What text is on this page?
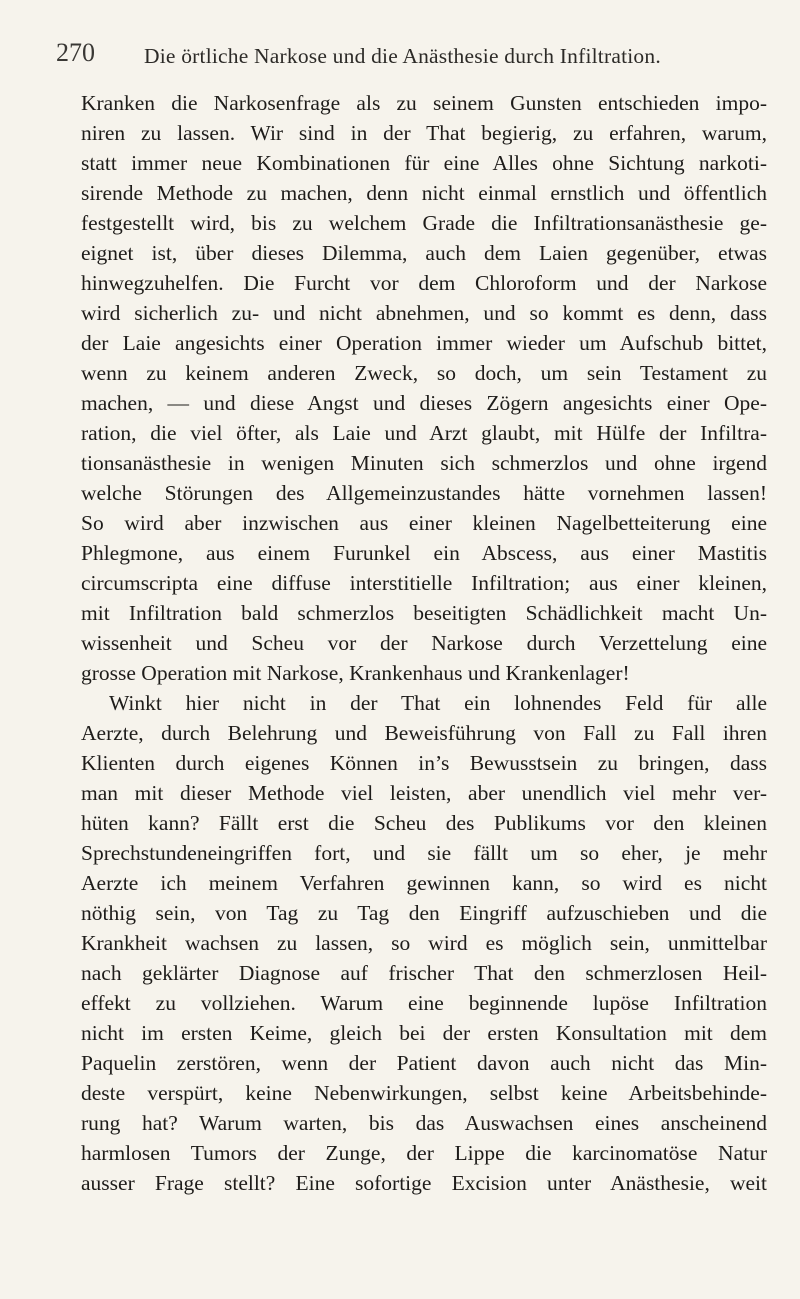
270 Die örtliche Narkose und die Anästhesie durch Infiltration.
Kranken die Narkosenfrage als zu seinem Gunsten entschieden impo-
niren zu lassen. Wir sind in der That begierig, zu erfahren, warum,
statt immer neue Kombinationen für eine Alles ohne Sichtung narkoti-
sirende Methode zu machen, denn nicht einmal ernstlich und öffentlich
festgestellt wird, bis zu welchem Grade die Infiltrationsanästhesie ge-
eignet ist, über dieses Dilemma, auch dem Laien gegenüber, etwas
hinwegzuhelfen. Die Furcht vor dem Chloroform und der Narkose
wird sicherlich zu- und nicht abnehmen, und so kommt es denn, dass
der Laie angesichts einer Operation immer wieder um Aufschub bittet,
wenn zu keinem anderen Zweck, so doch, um sein Testament zu
machen, — und diese Angst und dieses Zögern angesichts einer Ope-
ration, die viel öfter, als Laie und Arzt glaubt, mit Hülfe der Infiltra-
tionsanästhesie in wenigen Minuten sich schmerzlos und ohne irgend
welche Störungen des Allgemeinzustandes hätte vornehmen lassen!
So wird aber inzwischen aus einer kleinen Nagelbetteiterung eine
Phlegmone, aus einem Furunkel ein Abscess, aus einer Mastitis
circumscripta eine diffuse interstitielle Infiltration; aus einer kleinen,
mit Infiltration bald schmerzlos beseitigten Schädlichkeit macht Un-
wissenheit und Scheu vor der Narkose durch Verzettelung eine
grosse Operation mit Narkose, Krankenhaus und Krankenlager!
Winkt hier nicht in der That ein lohnendes Feld für alle
Aerzte, durch Belehrung und Beweisführung von Fall zu Fall ihren
Klienten durch eigenes Können in’s Bewusstsein zu bringen, dass
man mit dieser Methode viel leisten, aber unendlich viel mehr ver-
hüten kann? Fällt erst die Scheu des Publikums vor den kleinen
Sprechstundeneingriffen fort, und sie fällt um so eher, je mehr
Aerzte ich meinem Verfahren gewinnen kann, so wird es nicht
nöthig sein, von Tag zu Tag den Eingriff aufzuschieben und die
Krankheit wachsen zu lassen, so wird es möglich sein, unmittelbar
nach geklärter Diagnose auf frischer That den schmerzlosen Heil-
effekt zu vollziehen. Warum eine beginnende lupöse Infiltration
nicht im ersten Keime, gleich bei der ersten Konsultation mit dem
Paquelin zerstören, wenn der Patient davon auch nicht das Min-
deste verspürt, keine Nebenwirkungen, selbst keine Arbeitsbehinde-
rung hat? Warum warten, bis das Auswachsen eines anscheinend
harmlosen Tumors der Zunge, der Lippe die karcinomatöse Natur
ausser Frage stellt? Eine sofortige Excision unter Anästhesie, weit
